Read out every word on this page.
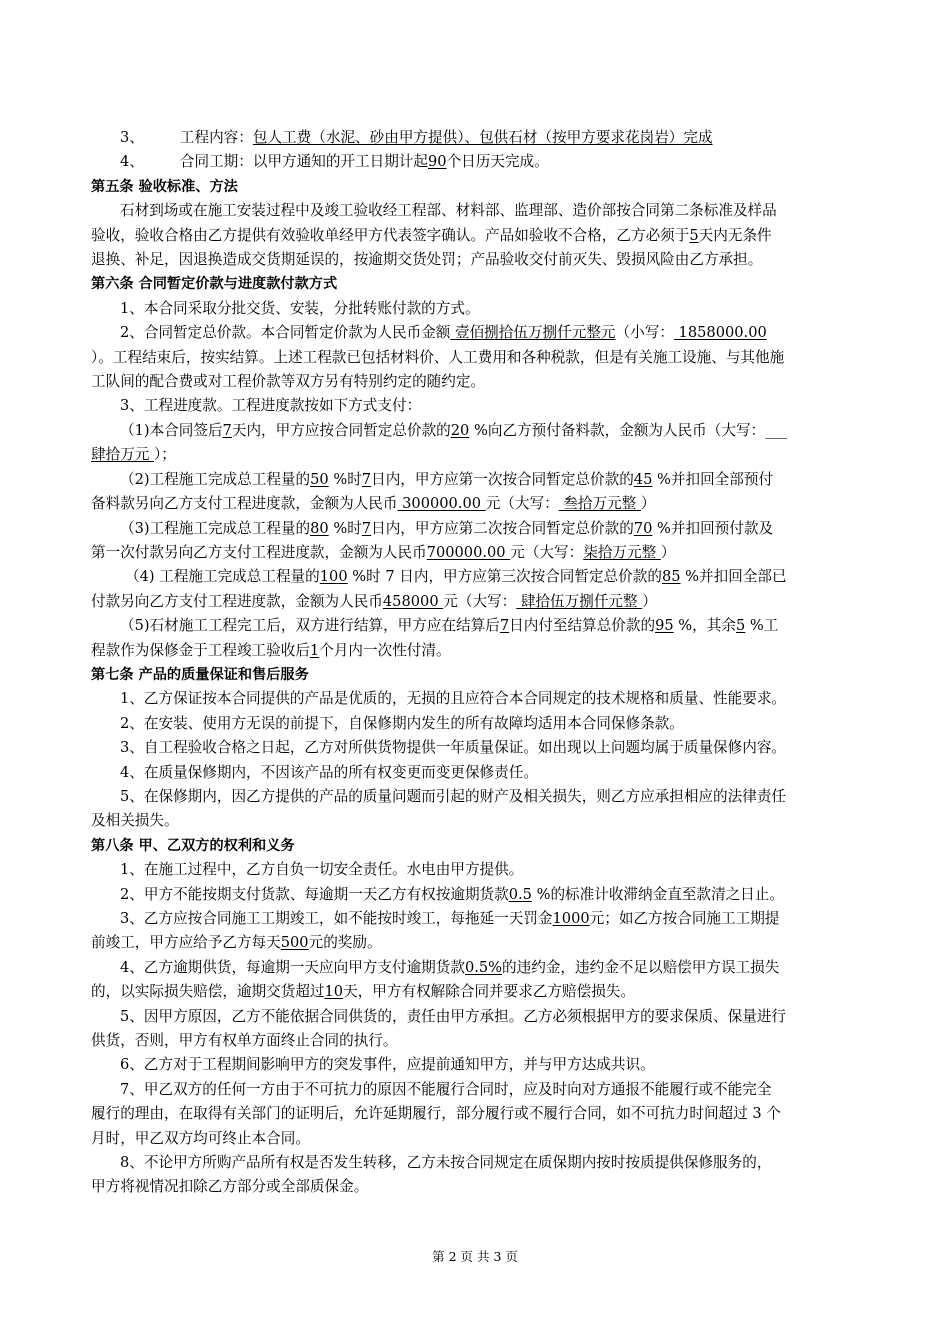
3、 工程内容：包人工费（水泥、砂由甲方提供）、包供石材（按甲方要求花岗岩）完成
4、 合同工期：以甲方通知的开工日期计起90个日历天完成。
第五条 验收标准、方法
石材到场或在施工安装过程中及竣工验收经工程部、材料部、监理部、造价部按合同第二条标准及样品
验收，验收合格由乙方提供有效验收单经甲方代表签字确认。产品如验收不合格，乙方必须于5天内无条件
退换、补足，因退换造成交货期延误的，按逾期交货处罚；产品验收交付前灭失、毁损风险由乙方承担。
第六条 合同暂定价款与进度款付款方式
1、本合同采取分批交货、安装，分批转账付款的方式。
2、合同暂定总价款。本合同暂定价款为人民币金额 壹佰捌拾伍万捌仟元整元（小写： 1858000.00
）。工程结束后，按实结算。上述工程款已包括材料价、人工费用和各种税款，但是有关施工设施、与其他施
工队间的配合费或对工程价款等双方另有特别约定的随约定。
3、工程进度款。工程进度款按如下方式支付：
（1)本合同签后7天内，甲方应按合同暂定总价款的20 %向乙方预付备料款，金额为人民币（大写：___
肆拾万元 ）；
（2)工程施工完成总工程量的50 %时7日内，甲方应第一次按合同暂定总价款的45 %并扣回全部预付
备料款另向乙方支付工程进度款，金额为人民币 300000.00 元（大写： 叁拾万元整 ）
（3)工程施工完成总工程量的80 %时7日内，甲方应第二次按合同暂定总价款的70 %并扣回预付款及
第一次付款另向乙方支付工程进度款，金额为人民币700000.00 元（大写：柒拾万元整 ）
（4) 工程施工完成总工程量的100 %时 7 日内，甲方应第三次按合同暂定总价款的85 %并扣回全部已
付款另向乙方支付工程进度款，金额为人民币458000 元（大写： 肆拾伍万捌仟元整 ）
（5)石材施工工程完工后，双方进行结算，甲方应在结算后7日内付至结算总价款的95 %，其余5 %工
程款作为保修金于工程竣工验收后1个月内一次性付清。
第七条 产品的质量保证和售后服务
1、乙方保证按本合同提供的产品是优质的，无损的且应符合本合同规定的技术规格和质量、性能要求。
2、在安装、使用方无误的前提下，自保修期内发生的所有故障均适用本合同保修条款。
3、自工程验收合格之日起，乙方对所供货物提供一年质量保证。如出现以上问题均属于质量保修内容。
4、在质量保修期内，不因该产品的所有权变更而变更保修责任。
5、在保修期内，因乙方提供的产品的质量问题而引起的财产及相关损失，则乙方应承担相应的法律责任
及相关损失。
第八条 甲、乙双方的权利和义务
1、在施工过程中，乙方自负一切安全责任。水电由甲方提供。
2、甲方不能按期支付货款、每逾期一天乙方有权按逾期货款0.5 %的标准计收滞纳金直至款清之日止。
3、乙方应按合同施工工期竣工，如不能按时竣工，每拖延一天罚金1000元；如乙方按合同施工工期提
前竣工，甲方应给予乙方每天500元的奖励。
4、乙方逾期供货，每逾期一天应向甲方支付逾期货款0.5%的违约金，违约金不足以赔偿甲方误工损失
的，以实际损失赔偿，逾期交货超过10天，甲方有权解除合同并要求乙方赔偿损失。
5、因甲方原因，乙方不能依据合同供货的，责任由甲方承担。乙方必须根据甲方的要求保质、保量进行
供货，否则，甲方有权单方面终止合同的执行。
6、乙方对于工程期间影响甲方的突发事件，应提前通知甲方，并与甲方达成共识。
7、甲乙双方的任何一方由于不可抗力的原因不能履行合同时，应及时向对方通报不能履行或不能完全
履行的理由，在取得有关部门的证明后，允许延期履行，部分履行或不履行合同，如不可抗力时间超过 3 个
月时，甲乙双方均可终止本合同。
8、不论甲方所购产品所有权是否发生转移，乙方未按合同规定在质保期内按时按质提供保修服务的，
甲方将视情况扣除乙方部分或全部质保金。
第 2 页 共 3 页
